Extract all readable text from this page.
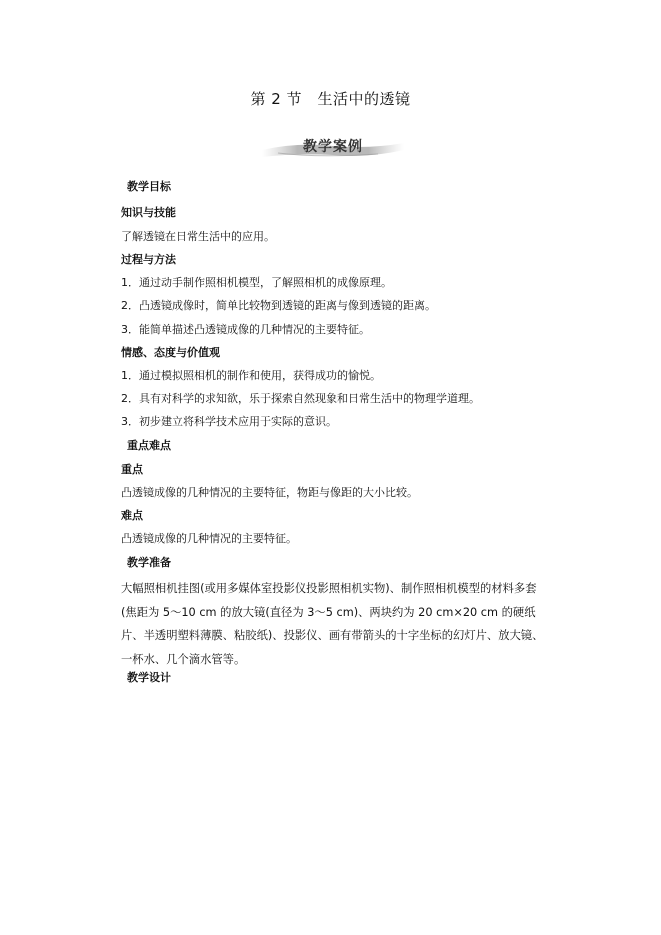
第 2 节　生活中的透镜
教学案例
教学目标
知识与技能
了解透镜在日常生活中的应用。
过程与方法
1．通过动手制作照相机模型，了解照相机的成像原理。
2．凸透镜成像时，简单比较物到透镜的距离与像到透镜的距离。
3．能简单描述凸透镜成像的几种情况的主要特征。
情感、态度与价值观
1．通过模拟照相机的制作和使用，获得成功的愉悦。
2．具有对科学的求知欲，乐于探索自然现象和日常生活中的物理学道理。
3．初步建立将科学技术应用于实际的意识。
重点难点
重点
凸透镜成像的几种情况的主要特征，物距与像距的大小比较。
难点
凸透镜成像的几种情况的主要特征。
教学准备
大幅照相机挂图(或用多媒体室投影仪投影照相机实物)、制作照相机模型的材料多套(焦距为 5～10 cm 的放大镜(直径为 3～5 cm)、两块约为 20 cm×20 cm 的硬纸片、半透明塑料薄膜、粘胶纸)、投影仪、画有带箭头的十字坐标的幻灯片、放大镜、一杯水、几个滴水管等。
教学设计
